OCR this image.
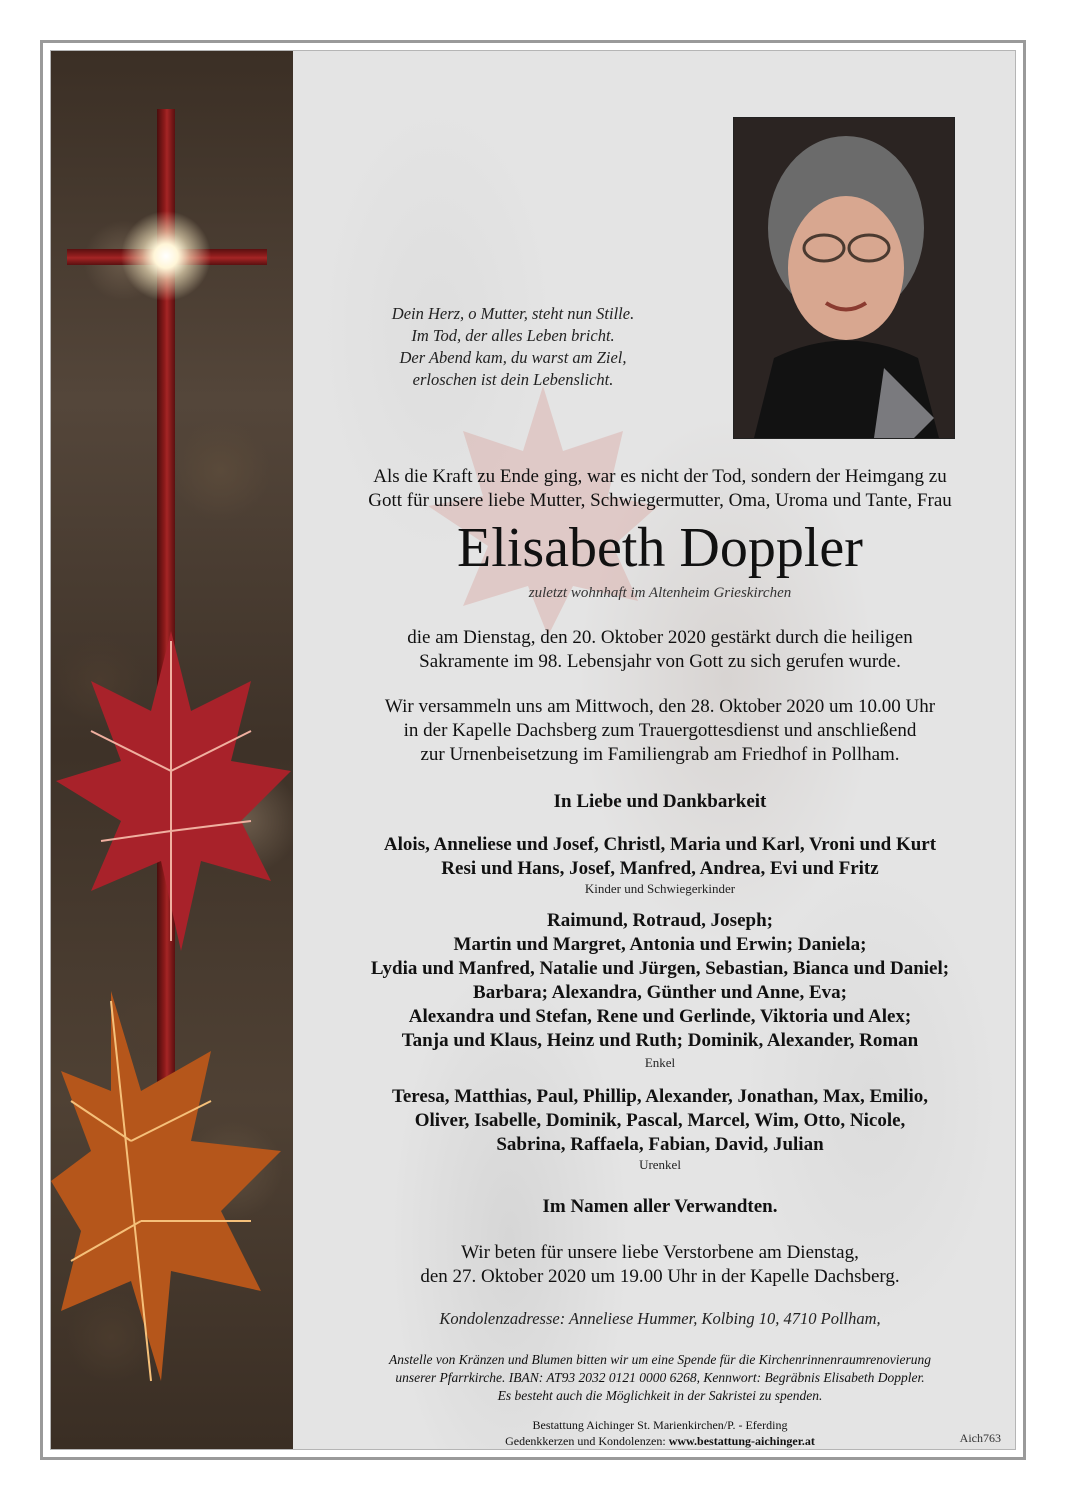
Dein Herz, o Mutter, steht nun Stille.
Im Tod, der alles Leben bricht.
Der Abend kam, du warst am Ziel,
erloschen ist dein Lebenslicht.
Als die Kraft zu Ende ging, war es nicht der Tod, sondern der Heimgang zu
Gott für unsere liebe Mutter, Schwiegermutter, Oma, Uroma und Tante, Frau
Elisabeth Doppler
zuletzt wohnhaft im Altenheim Grieskirchen
die am Dienstag, den 20. Oktober 2020 gestärkt durch die heiligen
Sakramente im 98. Lebensjahr von Gott zu sich gerufen wurde.
Wir versammeln uns am Mittwoch, den 28. Oktober 2020 um 10.00 Uhr
in der Kapelle Dachsberg zum Trauergottesdienst und anschließend
zur Urnenbeisetzung im Familiengrab am Friedhof in Pollham.
In Liebe und Dankbarkeit
Alois, Anneliese und Josef, Christl, Maria und Karl, Vroni und Kurt
Resi und Hans, Josef, Manfred, Andrea, Evi und Fritz
Kinder und Schwiegerkinder
Raimund, Rotraud, Joseph;
Martin und Margret, Antonia und Erwin; Daniela;
Lydia und Manfred, Natalie und Jürgen, Sebastian, Bianca und Daniel;
Barbara; Alexandra, Günther und Anne, Eva;
Alexandra und Stefan, Rene und Gerlinde, Viktoria und Alex;
Tanja und Klaus, Heinz und Ruth; Dominik, Alexander, Roman
Enkel
Teresa, Matthias, Paul, Phillip, Alexander, Jonathan, Max, Emilio,
Oliver, Isabelle, Dominik, Pascal, Marcel, Wim, Otto, Nicole,
Sabrina, Raffaela, Fabian, David, Julian
Urenkel
Im Namen aller Verwandten.
Wir beten für unsere liebe Verstorbene am Dienstag,
den 27. Oktober 2020 um 19.00 Uhr in der Kapelle Dachsberg.
Kondolenzadresse: Anneliese Hummer, Kolbing 10, 4710 Pollham,
Anstelle von Kränzen und Blumen bitten wir um eine Spende für die Kirchenrinnenraumrenovierung
unserer Pfarrkirche. IBAN: AT93 2032 0121 0000 6268, Kennwort: Begräbnis Elisabeth Doppler.
Es besteht auch die Möglichkeit in der Sakristei zu spenden.
Bestattung Aichinger St. Marienkirchen/P. - Eferding
Gedenkkerzen und Kondolenzen: www.bestattung-aichinger.at	Aich763
